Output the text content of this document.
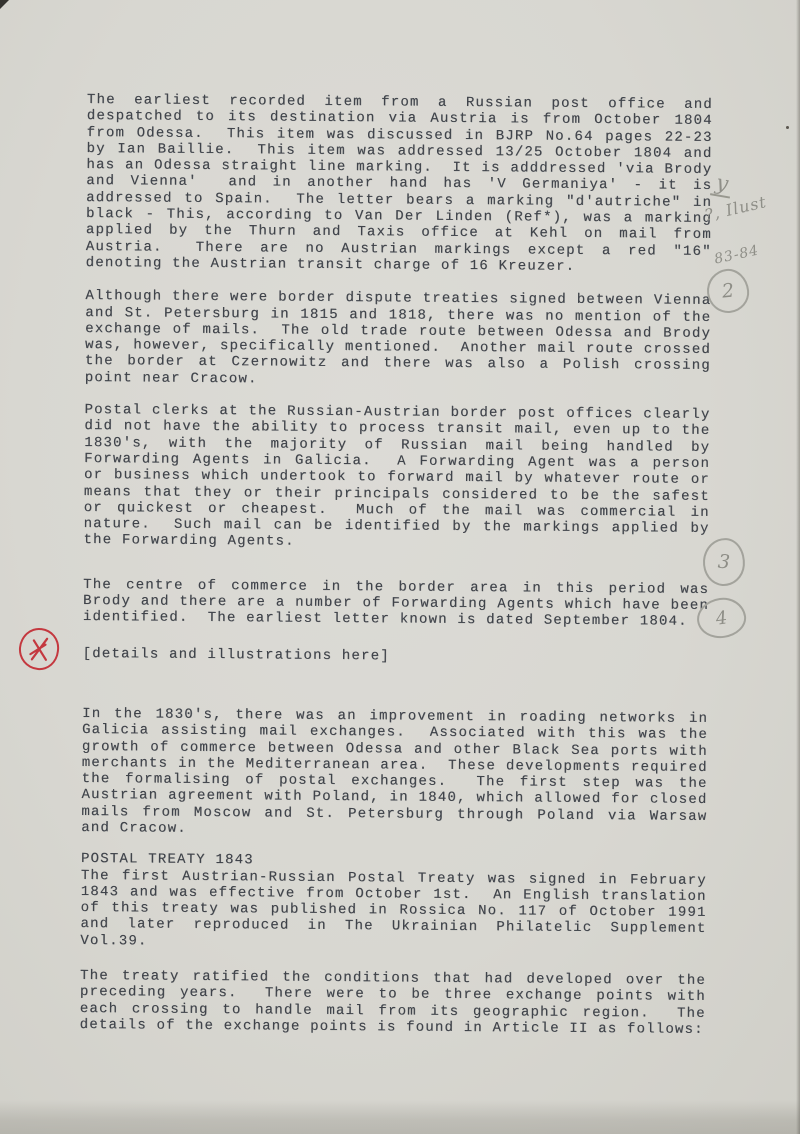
The earliest recorded item from a Russian post office and
despatched to its destination via Austria is from October 1804
from Odessa.  This item was discussed in BJRP No.64 pages 22-23
by Ian Baillie.  This item was addressed 13/25 October 1804 and
has an Odessa straight line marking.  It is adddressed 'via Brody
and Vienna'  and in another hand has 'V Germaniya' - it is
addressed to Spain.  The letter bears a marking "d'autriche" in
black - This, according to Van Der Linden (Ref*), was a marking
applied by the Thurn and Taxis office at Kehl on mail from
Austria.  There are no Austrian markings except a red "16"
denoting the Austrian transit charge of 16 Kreuzer.
Although there were border dispute treaties signed between Vienna
and St. Petersburg in 1815 and 1818, there was no mention of the
exchange of mails.  The old trade route between Odessa and Brody
was, however, specifically mentioned.  Another mail route crossed
the border at Czernowitz and there was also a Polish crossing
point near Cracow.
Postal clerks at the Russian-Austrian border post offices clearly
did not have the ability to process transit mail, even up to the
1830's, with the majority of Russian mail being handled by
Forwarding Agents in Galicia.  A Forwarding Agent was a person
or business which undertook to forward mail by whatever route or
means that they or their principals considered to be the safest
or quickest or cheapest.  Much of the mail was commercial in
nature.  Such mail can be identified by the markings applied by
the Forwarding Agents.
The centre of commerce in the border area in this period was
Brody and there are a number of Forwarding Agents which have been
identified.  The earliest letter known is dated September 1804.
[details and illustrations here]
In the 1830's, there was an improvement in roading networks in
Galicia assisting mail exchanges.  Associated with this was the
growth of commerce between Odessa and other Black Sea ports with
merchants in the Mediterranean area.  These developments required
the formalising of postal exchanges.  The first step was the
Austrian agreement with Poland, in 1840, which allowed for closed
mails from Moscow and St. Petersburg through Poland via Warsaw
and Cracow.
POSTAL TREATY 1843
The first Austrian-Russian Postal Treaty was signed in February
1843 and was effective from October 1st.  An English translation
of this treaty was published in Rossica No. 117 of October 1991
and later reproduced in The Ukrainian Philatelic Supplement
Vol.39.
The treaty ratified the conditions that had developed over the
preceding years.  There were to be three exchange points with
each crossing to handle mail from its geographic region.  The
details of the exchange points is found in Article II as follows:
y
?, Ilust
83-84
2
3
4
